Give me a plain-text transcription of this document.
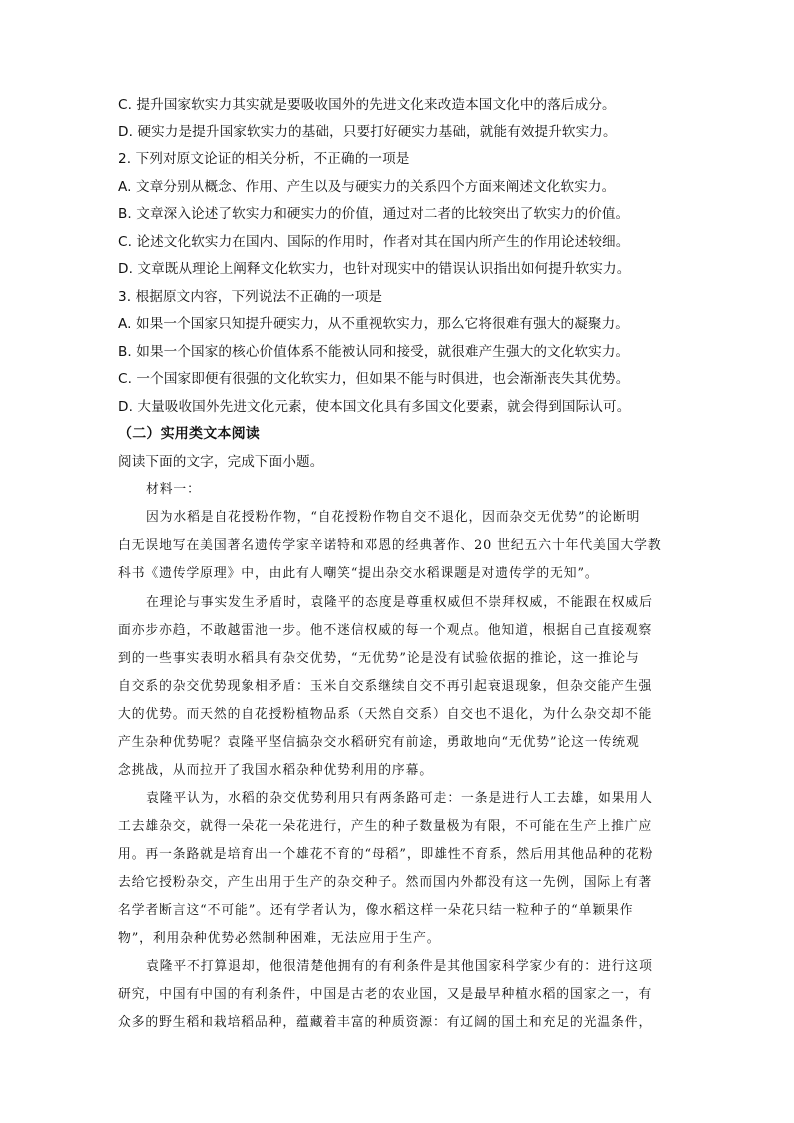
C. 提升国家软实力其实就是要吸收国外的先进文化来改造本国文化中的落后成分。
D. 硬实力是提升国家软实力的基础，只要打好硬实力基础，就能有效提升软实力。
2. 下列对原文论证的相关分析，不正确的一项是
A. 文章分别从概念、作用、产生以及与硬实力的关系四个方面来阐述文化软实力。
B. 文章深入论述了软实力和硬实力的价值，通过对二者的比较突出了软实力的价值。
C. 论述文化软实力在国内、国际的作用时，作者对其在国内所产生的作用论述较细。
D. 文章既从理论上阐释文化软实力，也针对现实中的错误认识指出如何提升软实力。
3. 根据原文内容，下列说法不正确的一项是
A. 如果一个国家只知提升硬实力，从不重视软实力，那么它将很难有强大的凝聚力。
B. 如果一个国家的核心价值体系不能被认同和接受，就很难产生强大的文化软实力。
C. 一个国家即便有很强的文化软实力，但如果不能与时俱进，也会渐渐丧失其优势。
D. 大量吸收国外先进文化元素，使本国文化具有多国文化要素，就会得到国际认可。
（二）实用类文本阅读
阅读下面的文字，完成下面小题。
材料一：
因为水稻是自花授粉作物，“自花授粉作物自交不退化，因而杂交无优势”的论断明
白无误地写在美国著名遗传学家辛诺特和邓恩的经典著作、20 世纪五六十年代美国大学教
科书《遗传学原理》中，由此有人嘲笑“提出杂交水稻课题是对遗传学的无知”。
在理论与事实发生矛盾时，袁隆平的态度是尊重权威但不崇拜权威，不能跟在权威后
面亦步亦趋，不敢越雷池一步。他不迷信权威的每一个观点。他知道，根据自己直接观察
到的一些事实表明水稻具有杂交优势，“无优势”论是没有试验依据的推论，这一推论与
自交系的杂交优势现象相矛盾：玉米自交系继续自交不再引起衰退现象，但杂交能产生强
大的优势。而天然的自花授粉植物品系（天然自交系）自交也不退化，为什么杂交却不能
产生杂种优势呢？袁隆平坚信搞杂交水稻研究有前途，勇敢地向“无优势”论这一传统观
念挑战，从而拉开了我国水稻杂种优势利用的序幕。
袁隆平认为，水稻的杂交优势利用只有两条路可走：一条是进行人工去雄，如果用人
工去雄杂交，就得一朵花一朵花进行，产生的种子数量极为有限，不可能在生产上推广应
用。再一条路就是培育出一个雄花不育的“母稻”，即雄性不育系，然后用其他品种的花粉
去给它授粉杂交，产生出用于生产的杂交种子。然而国内外都没有这一先例，国际上有著
名学者断言这“不可能”。还有学者认为，像水稻这样一朵花只结一粒种子的“单颖果作
物”，利用杂种优势必然制种困难，无法应用于生产。
袁隆平不打算退却，他很清楚他拥有的有利条件是其他国家科学家少有的：进行这项
研究，中国有中国的有利条件，中国是古老的农业国，又是最早种植水稻的国家之一，有
众多的野生稻和栽培稻品种，蕴藏着丰富的种质资源：有辽阔的国土和充足的光温条件，
